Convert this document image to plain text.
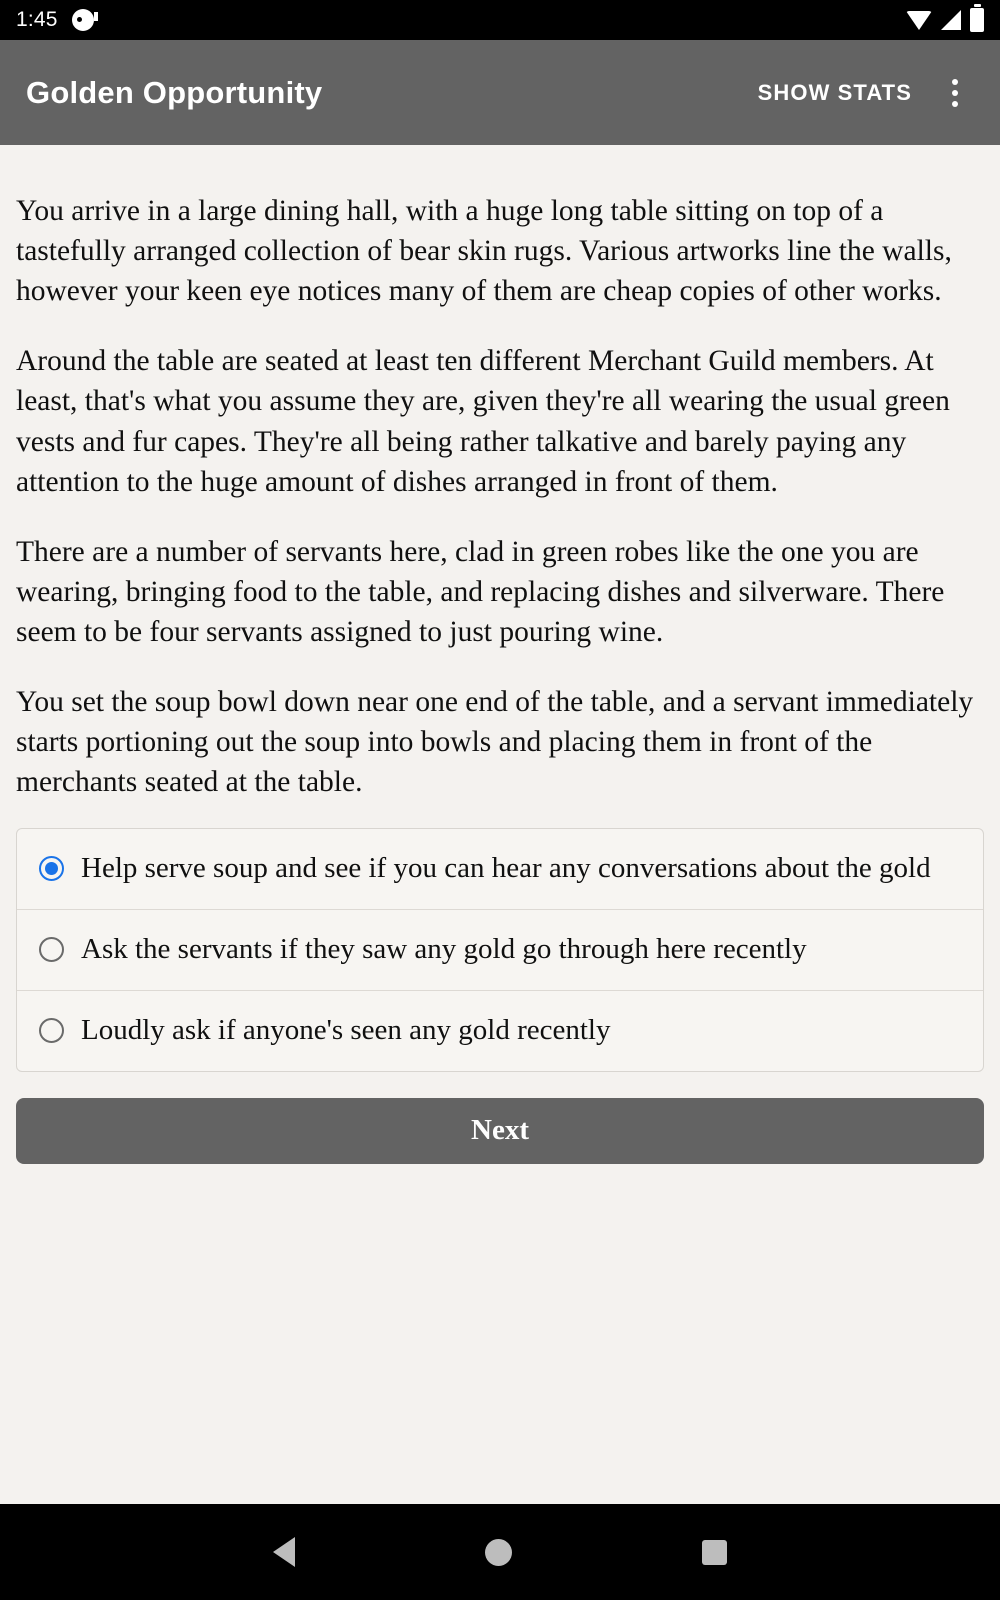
1:45
Golden Opportunity	SHOW STATS

You arrive in a large dining hall, with a huge long table sitting on top of a tastefully arranged collection of bear skin rugs. Various artworks line the walls, however your keen eye notices many of them are cheap copies of other works.

Around the table are seated at least ten different Merchant Guild members. At least, that's what you assume they are, given they're all wearing the usual green vests and fur capes. They're all being rather talkative and barely paying any attention to the huge amount of dishes arranged in front of them.

There are a number of servants here, clad in green robes like the one you are wearing, bringing food to the table, and replacing dishes and silverware. There seem to be four servants assigned to just pouring wine.

You set the soup bowl down near one end of the table, and a servant immediately starts portioning out the soup into bowls and placing them in front of the merchants seated at the table.

Help serve soup and see if you can hear any conversations about the gold
Ask the servants if they saw any gold go through here recently
Loudly ask if anyone's seen any gold recently
Next
